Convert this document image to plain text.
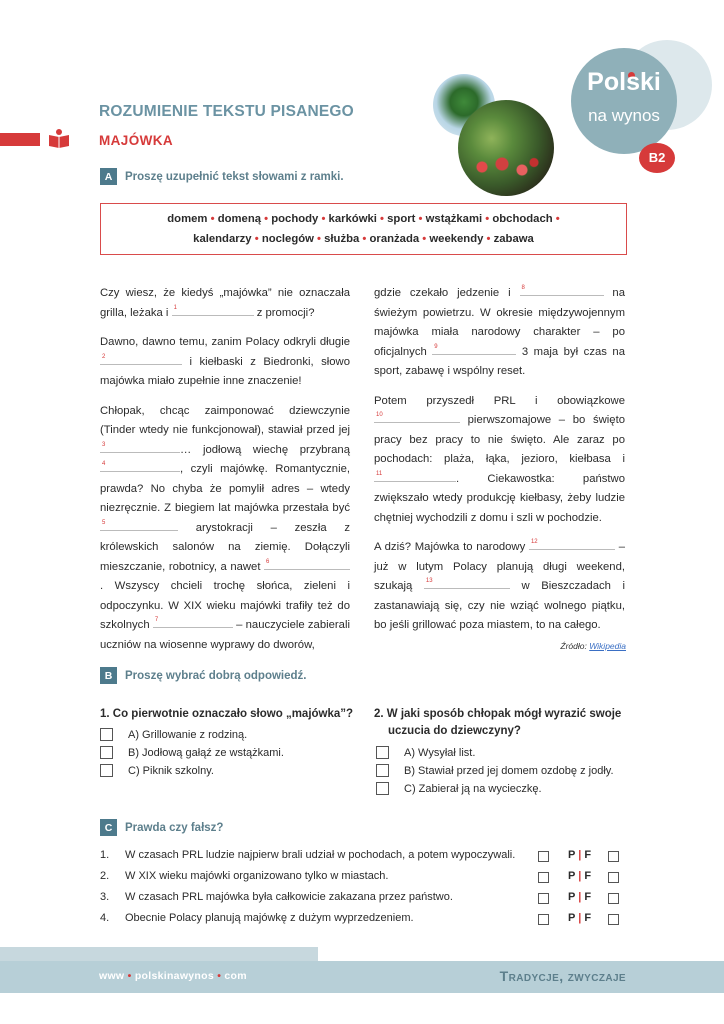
ROZUMIENIE TEKSTU PISANEGO
MAJÓWKA
Polski
na wynos
B2
A	Proszę uzupełnić tekst słowami z ramki.
domem • domeną • pochody • karkówki • sport • wstążkami • obchodach •
kalendarzy • noclegów • służba • oranżada • weekendy • zabawa

Czy wiesz, że kiedyś „majówka” nie oznaczała grilla, leżaka i 1	z promocji?

Dawno, dawno temu, zanim Polacy odkryli długie
2	i kiełbaski z Biedronki, słowo majówka miało zupełnie inne znaczenie!

Chłopak, chcąc zaimponować dziewczynie (Tinder wtedy nie funkcjonował), stawiał przed jej
3	… jodłową wiechę przybraną
4	, czyli majówkę. Romantycznie, prawda? No chyba że pomylił adres – wtedy niezręcznie. Z biegiem lat majówka przestała być
5	arystokracji – zeszła z królewskich salonów na ziemię. Dołączyli mieszczanie, robotnicy, a nawet 6
. Wszyscy chcieli trochę słońca, zieleni i odpoczynku. W XIX wieku majówki trafiły też do szkolnych 7	– nauczyciele zabierali uczniów na wiosenne wyprawy do dworów,

gdzie czekało jedzenie i 8	na świeżym powietrzu. W okresie międzywojennym majówka miała narodowy charakter – po oficjalnych 9	3 maja był czas na sport, zabawę i wspólny reset.

Potem przyszedł PRL i obowiązkowe
10	pierwszomajowe – bo święto pracy bez pracy to nie święto. Ale zaraz po pochodach: plaża, łąka, jezioro, kiełbasa i
11	. Ciekawostka: państwo zwiększało wtedy produkcję kiełbasy, żeby ludzie chętniej wychodzili z domu i szli w pochodzie.

A dziś? Majówka to narodowy 12	– już w lutym Polacy planują długi weekend, szukają 13	w Bieszczadach i zastanawiają się, czy nie wziąć wolnego piątku, bo jeśli grillować poza miastem, to na całego.

Źródło: Wikipedia
B	Proszę wybrać dobrą odpowiedź.
1. Co pierwotnie oznaczało słowo „majówka”?
A) Grillowanie z rodziną.
B) Jodłową gałąź ze wstążkami.
C) Piknik szkolny.
2. W jaki sposób chłopak mógł wyrazić swoje
uczucia do dziewczyny?
A) Wysyłał list.
B) Stawiał przed jej domem ozdobę z jodły.
C) Zabierał ją na wycieczkę.
C	Prawda czy fałsz?
1.	W czasach PRL ludzie najpierw brali udział w pochodach, a potem wypoczywali.	P | F
2.	W XIX wieku majówki organizowano tylko w miastach.	P | F
3.	W czasach PRL majówka była całkowicie zakazana przez państwo.	P | F
4.	Obecnie Polacy planują majówkę z dużym wyprzedzeniem.	P | F
www • polskinawynos • com	Tradycje, zwyczaje
